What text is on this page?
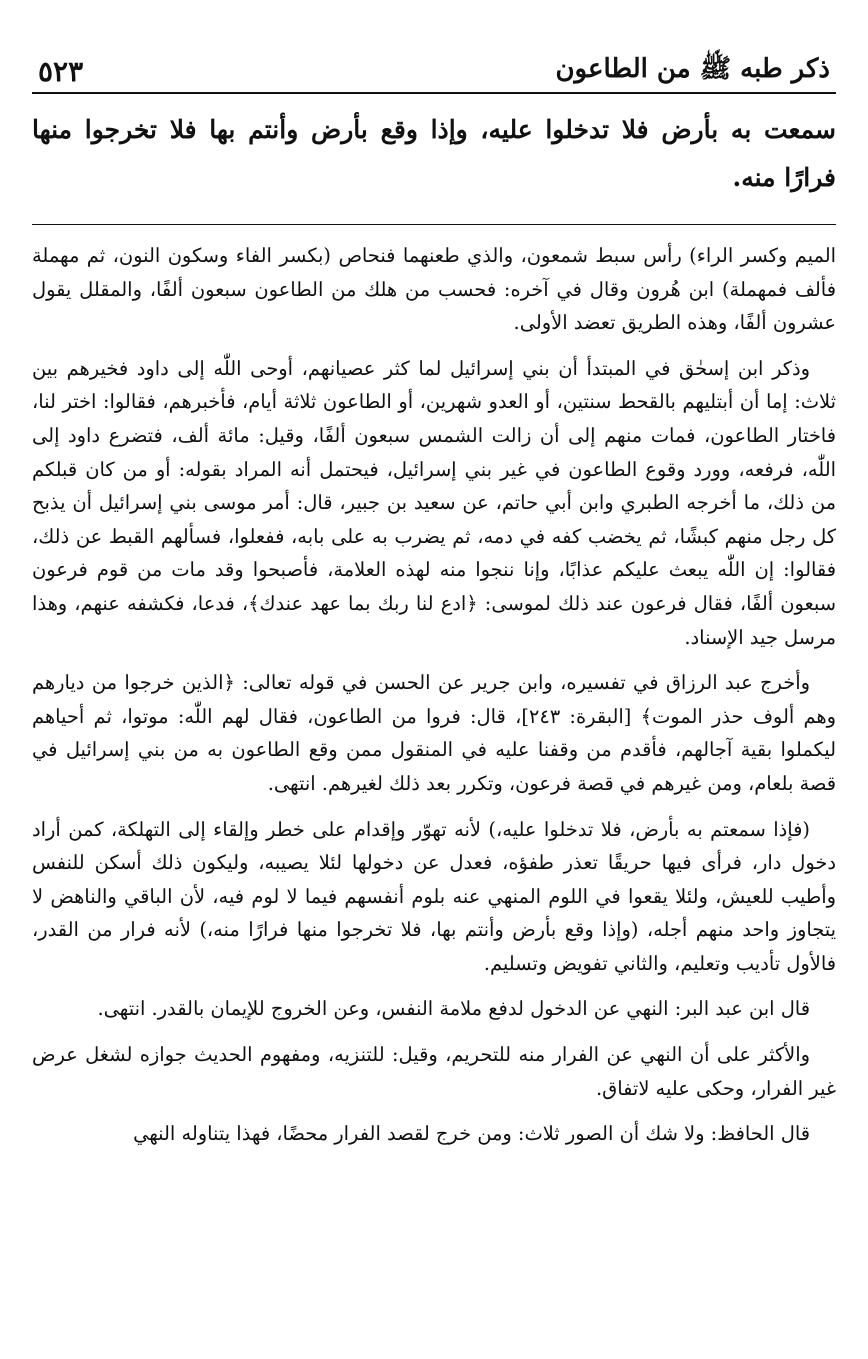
ذكر طبه ﷺ من الطاعون
٥٢٣
سمعت به بأرض فلا تدخلوا عليه، وإذا وقع بأرض وأنتم بها فلا تخرجوا منها فرارًا منه.

الميم وكسر الراء) رأس سبط شمعون، والذي طعنهما فنحاص (بكسر الفاء وسكون النون، ثم مهملة فألف فمهملة) ابن هُرون وقال في آخره: فحسب من هلك من الطاعون سبعون ألفًا، والمقلل يقول عشرون ألفًا، وهذه الطريق تعضد الأولى.

وذكر ابن إسحٰق في المبتدأ أن بني إسرائيل لما كثر عصيانهم، أوحى اللّٰه إلى داود فخيرهم بين ثلاث: إما أن أبتليهم بالقحط سنتين، أو العدو شهرين، أو الطاعون ثلاثة أيام، فأخبرهم، فقالوا: اختر لنا، فاختار الطاعون، فمات منهم إلى أن زالت الشمس سبعون ألفًا، وقيل: مائة ألف، فتضرع داود إلى اللّٰه، فرفعه، وورد وقوع الطاعون في غير بني إسرائيل، فيحتمل أنه المراد بقوله: أو من كان قبلكم من ذلك، ما أخرجه الطبري وابن أبي حاتم، عن سعيد بن جبير، قال: أمر موسى بني إسرائيل أن يذبح كل رجل منهم كبشًا، ثم يخضب كفه في دمه، ثم يضرب به على بابه، ففعلوا، فسألهم القبط عن ذلك، فقالوا: إن اللّٰه يبعث عليكم عذابًا، وإنا ننجوا منه لهذه العلامة، فأصبحوا وقد مات من قوم فرعون سبعون ألفًا، فقال فرعون عند ذلك لموسى: ﴿ادع لنا ربك بما عهد عندك﴾، فدعا، فكشفه عنهم، وهذا مرسل جيد الإسناد.

وأخرج عبد الرزاق في تفسيره، وابن جرير عن الحسن في قوله تعالى: ﴿الذين خرجوا من ديارهم وهم ألوف حذر الموت﴾ [البقرة: ٢٤٣]، قال: فروا من الطاعون، فقال لهم اللّٰه: موتوا، ثم أحياهم ليكملوا بقية آجالهم، فأقدم من وقفنا عليه في المنقول ممن وقع الطاعون به من بني إسرائيل في قصة بلعام، ومن غيرهم في قصة فرعون، وتكرر بعد ذلك لغيرهم. انتهى.

(فإذا سمعتم به بأرض، فلا تدخلوا عليه،) لأنه تهوّر وإقدام على خطر وإلقاء إلى التهلكة، كمن أراد دخول دار، فرأى فيها حريقًا تعذر طفؤه، فعدل عن دخولها لئلا يصيبه، وليكون ذلك أسكن للنفس وأطيب للعيش، ولئلا يقعوا في اللوم المنهي عنه بلوم أنفسهم فيما لا لوم فيه، لأن الباقي والناهض لا يتجاوز واحد منهم أجله، (وإذا وقع بأرض وأنتم بها، فلا تخرجوا منها فرارًا منه،) لأنه فرار من القدر، فالأول تأديب وتعليم، والثاني تفويض وتسليم.

قال ابن عبد البر: النهي عن الدخول لدفع ملامة النفس، وعن الخروج للإيمان بالقدر. انتهى.

والأكثر على أن النهي عن الفرار منه للتحريم، وقيل: للتنزيه، ومفهوم الحديث جوازه لشغل عرض غير الفرار، وحكى عليه لاتفاق.

قال الحافظ: ولا شك أن الصور ثلاث: ومن خرج لقصد الفرار محضًا، فهذا يتناوله النهي
